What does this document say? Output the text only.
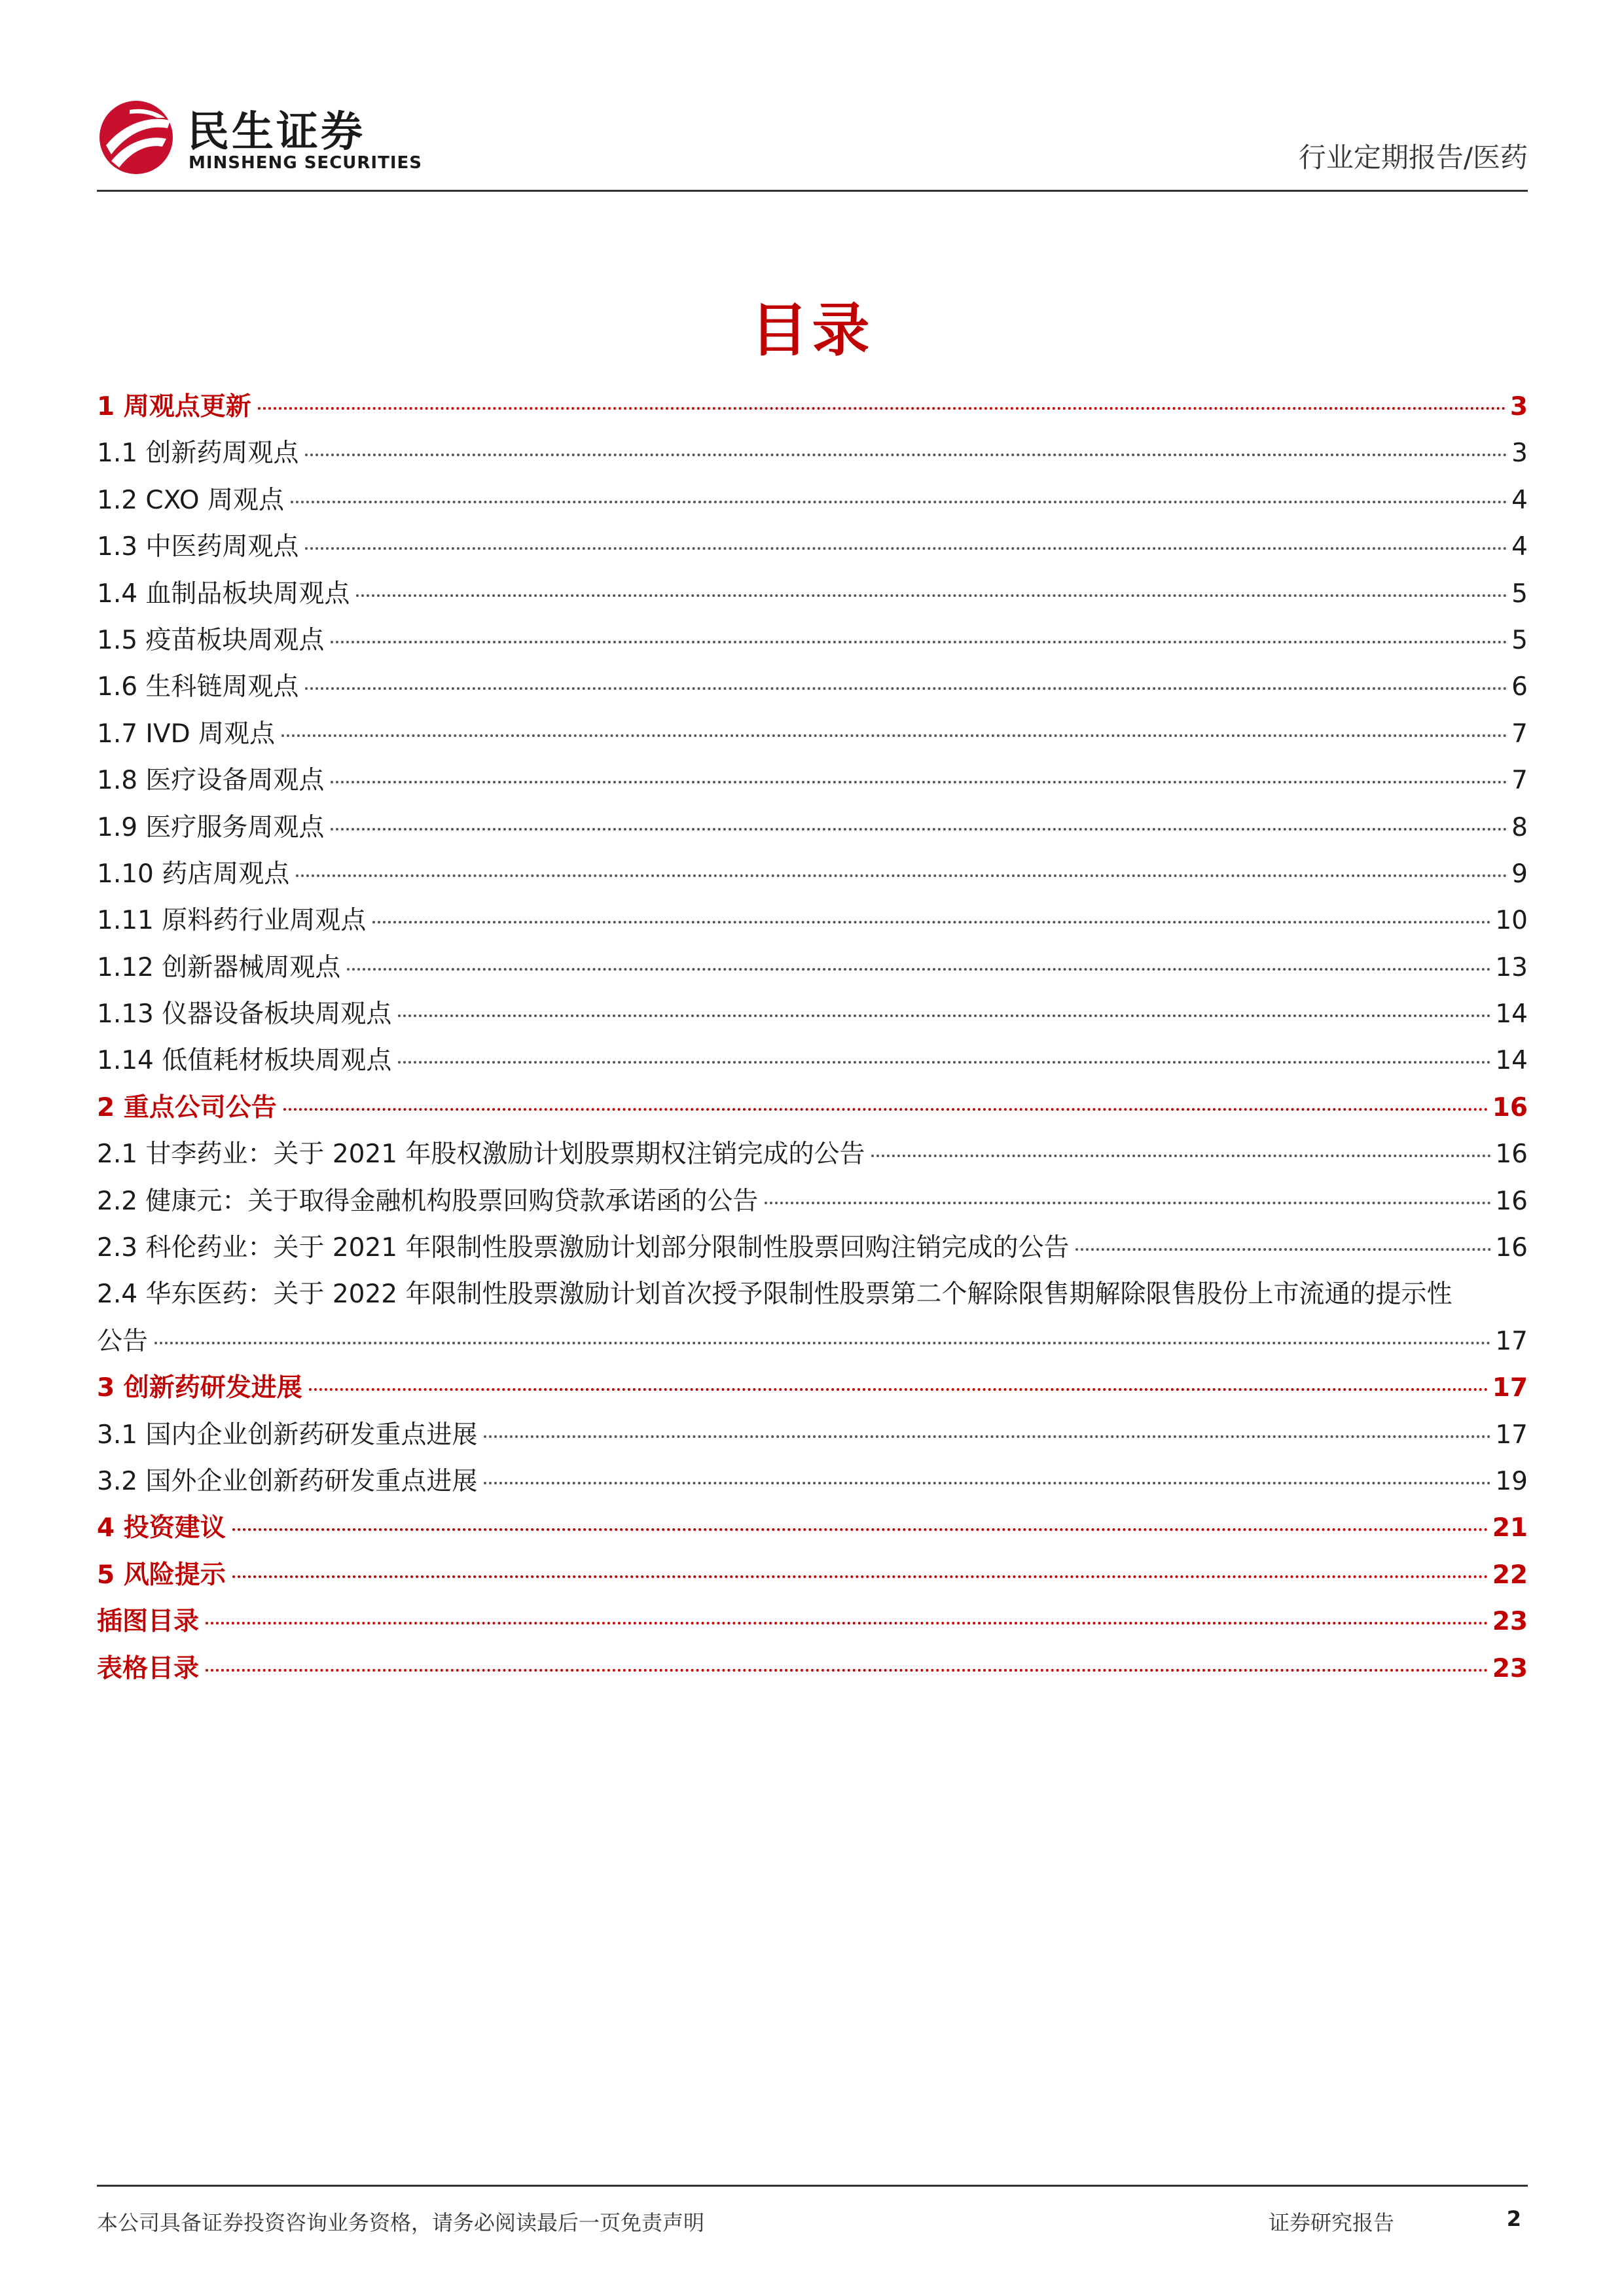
民生证券
MINSHENG SECURITIES	行业定期报告/医药
目录
1 周观点更新	3
1.1 创新药周观点	3
1.2 CXO 周观点	4
1.3 中医药周观点	4
1.4 血制品板块周观点	5
1.5 疫苗板块周观点	5
1.6 生科链周观点	6
1.7 IVD 周观点	7
1.8 医疗设备周观点	7
1.9 医疗服务周观点	8
1.10 药店周观点	9
1.11 原料药行业周观点	10
1.12 创新器械周观点	13
1.13 仪器设备板块周观点	14
1.14 低值耗材板块周观点	14
2 重点公司公告	16
2.1 甘李药业：关于 2021 年股权激励计划股票期权注销完成的公告	16
2.2 健康元：关于取得金融机构股票回购贷款承诺函的公告	16
2.3 科伦药业：关于 2021 年限制性股票激励计划部分限制性股票回购注销完成的公告	16
2.4 华东医药：关于 2022 年限制性股票激励计划首次授予限制性股票第二个解除限售期解除限售股份上市流通的提示性
公告	17
3 创新药研发进展	17
3.1 国内企业创新药研发重点进展	17
3.2 国外企业创新药研发重点进展	19
4 投资建议	21
5 风险提示	22
插图目录	23
表格目录	23
本公司具备证券投资咨询业务资格，请务必阅读最后一页免责声明	证券研究报告	2
